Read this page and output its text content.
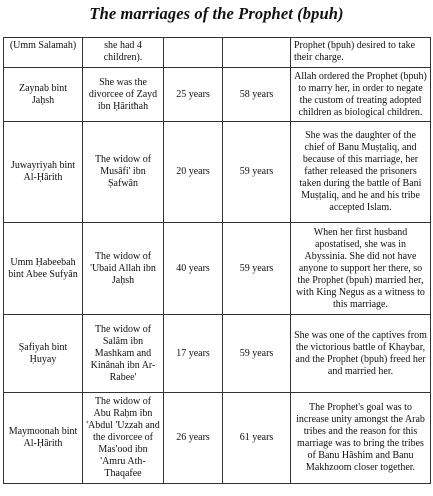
The marriages of the Prophet (bpuh)
(Umm Salamah)	she had 4 children).			Prophet (bpuh) desired to take their charge.
Zaynab bint Jaḥsh	She was the divorcee of Zayd ibn Ḥâritħah	25 years	58 years	Allah ordered the Prophet (bpuh) to marry her, in order to negate the custom of treating adopted children as biological children.
Juwayriyah bint Al-Ḥârith	The widow of Musâfi' ibn Ṣafwân	20 years	59 years	She was the daughter of the chief of Banu Muṣṭaliq, and because of this marriage, her father released the prisoners taken during the battle of Bani Muṣṭaliq, and he and his tribe accepted Islam.
Umm Ḥabeebah bint Abee Sufyân	The widow of 'Ubaid Allah ibn Jaḥsh	40 years	59 years	When her first husband apostatised, she was in Abyssinia. She did not have anyone to support her there, so the Prophet (bpuh) married her, with King Negus as a witness to this marriage.
Ṣafiyah bint Ḥuyay	The widow of Salâm ibn Mashkam and Kinânah ibn Ar-Rabee'	17 years	59 years	She was one of the captives from the victorious battle of Khaybar, and the Prophet (bpuh) freed her and married her.
Maymoonah bint Al-Ḥârith	The widow of Abu Raḥm ibn 'Abdul 'Uzzah and the divorcee of Mas'ood ibn 'Amru Ath-Thaqafee	26 years	61 years	The Prophet's goal was to increase unity amongst the Arab tribes and the reason for this marriage was to bring the tribes of Banu Hâshim and Banu Makhzoom closer together.
